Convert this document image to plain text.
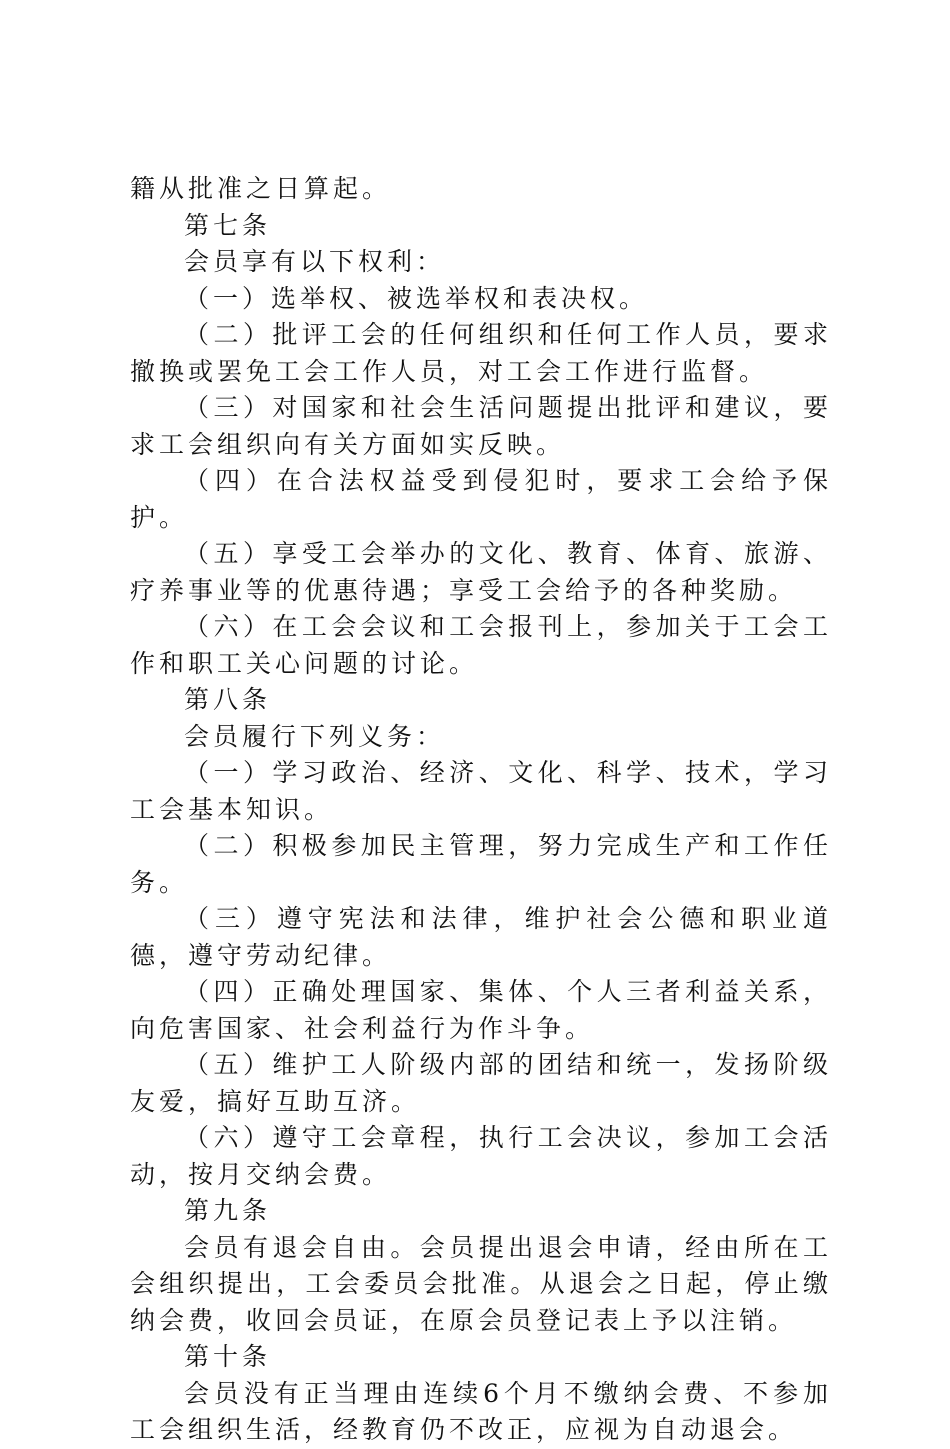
籍从批准之日算起。

第七条

会员享有以下权利：

（一）选举权、被选举权和表决权。

（二）批评工会的任何组织和任何工作人员，要求撤换或罢免工会工作人员，对工会工作进行监督。

（三）对国家和社会生活问题提出批评和建议，要求工会组织向有关方面如实反映。

（四）在合法权益受到侵犯时，要求工会给予保护。

（五）享受工会举办的文化、教育、体育、旅游、疗养事业等的优惠待遇；享受工会给予的各种奖励。

（六）在工会会议和工会报刊上，参加关于工会工作和职工关心问题的讨论。

第八条

会员履行下列义务：

（一）学习政治、经济、文化、科学、技术，学习工会基本知识。

（二）积极参加民主管理，努力完成生产和工作任务。

（三）遵守宪法和法律，维护社会公德和职业道德，遵守劳动纪律。

（四）正确处理国家、集体、个人三者利益关系，向危害国家、社会利益行为作斗争。

（五）维护工人阶级内部的团结和统一，发扬阶级友爱，搞好互助互济。

（六）遵守工会章程，执行工会决议，参加工会活动，按月交纳会费。

第九条

会员有退会自由。会员提出退会申请，经由所在工会组织提出，工会委员会批准。从退会之日起，停止缴纳会费，收回会员证，在原会员登记表上予以注销。

第十条

会员没有正当理由连续6个月不缴纳会费、不参加工会组织生活，经教育仍不改正，应视为自动退会。
